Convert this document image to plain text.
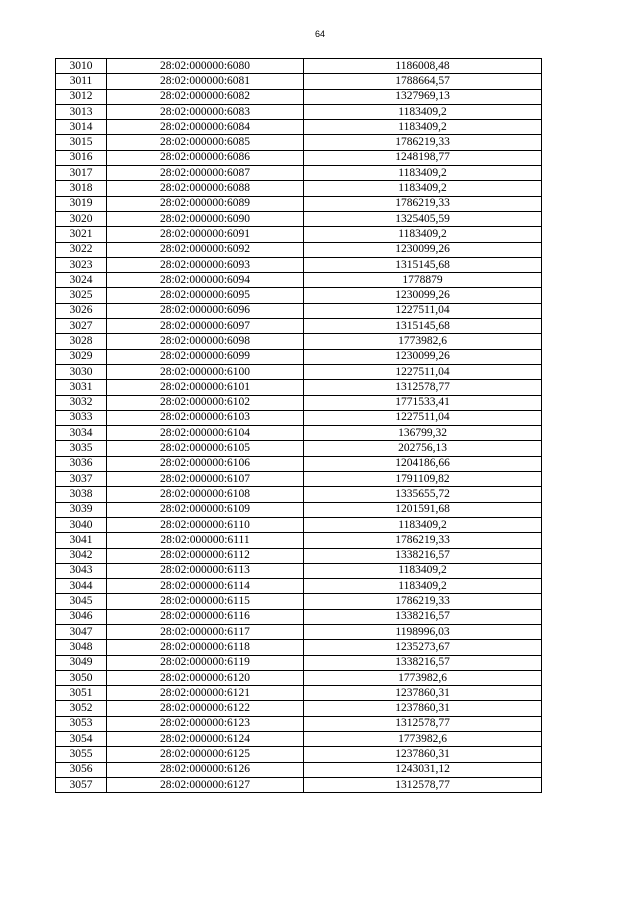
64
3010	28:02:000000:6080	1186008,48
3011	28:02:000000:6081	1788664,57
3012	28:02:000000:6082	1327969,13
3013	28:02:000000:6083	1183409,2
3014	28:02:000000:6084	1183409,2
3015	28:02:000000:6085	1786219,33
3016	28:02:000000:6086	1248198,77
3017	28:02:000000:6087	1183409,2
3018	28:02:000000:6088	1183409,2
3019	28:02:000000:6089	1786219,33
3020	28:02:000000:6090	1325405,59
3021	28:02:000000:6091	1183409,2
3022	28:02:000000:6092	1230099,26
3023	28:02:000000:6093	1315145,68
3024	28:02:000000:6094	1778879
3025	28:02:000000:6095	1230099,26
3026	28:02:000000:6096	1227511,04
3027	28:02:000000:6097	1315145,68
3028	28:02:000000:6098	1773982,6
3029	28:02:000000:6099	1230099,26
3030	28:02:000000:6100	1227511,04
3031	28:02:000000:6101	1312578,77
3032	28:02:000000:6102	1771533,41
3033	28:02:000000:6103	1227511,04
3034	28:02:000000:6104	136799,32
3035	28:02:000000:6105	202756,13
3036	28:02:000000:6106	1204186,66
3037	28:02:000000:6107	1791109,82
3038	28:02:000000:6108	1335655,72
3039	28:02:000000:6109	1201591,68
3040	28:02:000000:6110	1183409,2
3041	28:02:000000:6111	1786219,33
3042	28:02:000000:6112	1338216,57
3043	28:02:000000:6113	1183409,2
3044	28:02:000000:6114	1183409,2
3045	28:02:000000:6115	1786219,33
3046	28:02:000000:6116	1338216,57
3047	28:02:000000:6117	1198996,03
3048	28:02:000000:6118	1235273,67
3049	28:02:000000:6119	1338216,57
3050	28:02:000000:6120	1773982,6
3051	28:02:000000:6121	1237860,31
3052	28:02:000000:6122	1237860,31
3053	28:02:000000:6123	1312578,77
3054	28:02:000000:6124	1773982,6
3055	28:02:000000:6125	1237860,31
3056	28:02:000000:6126	1243031,12
3057	28:02:000000:6127	1312578,77
